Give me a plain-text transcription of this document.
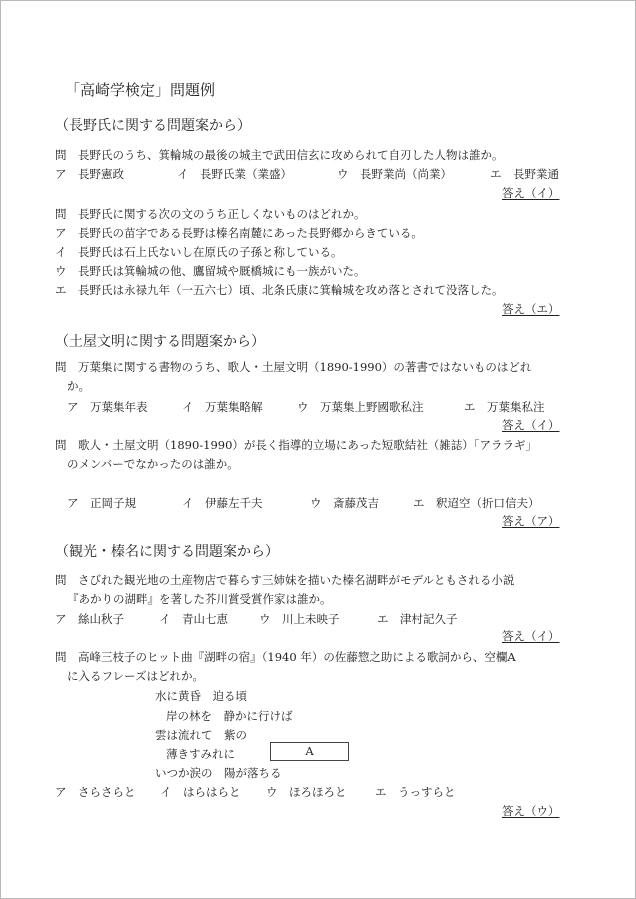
「高崎学検定」問題例
（長野氏に関する問題案から）
問　長野氏のうち、箕輪城の最後の城主で武田信玄に攻められて自刃した人物は誰か。
ア　長野憲政	イ　長野氏業（業盛）	ウ　長野業尚（尚業）	エ　長野業通
答え（イ）
問　長野氏に関する次の文のうち正しくないものはどれか。
ア　長野氏の苗字である長野は榛名南麓にあった長野郷からきている。
イ　長野氏は石上氏ないし在原氏の子孫と称している。
ウ　長野氏は箕輪城の他、鷹留城や厩橋城にも一族がいた。
エ　長野氏は永禄九年（一五六七）頃、北条氏康に箕輪城を攻め落とされて没落した。
答え（エ）
（土屋文明に関する問題案から）
問　万葉集に関する書物のうち、歌人・土屋文明（1890-1990）の著書ではないものはどれ
か。
ア　万葉集年表	イ　万葉集略解	ウ　万葉集上野國歌私注	エ　万葉集私注
答え（イ）
問　歌人・土屋文明（1890-1990）が長く指導的立場にあった短歌結社（雑誌）「アララギ」
のメンバーでなかったのは誰か。
ア　正岡子規	イ　伊藤左千夫	ウ　斎藤茂吉	エ　釈迢空（折口信夫）
答え（ア）
（観光・榛名に関する問題案から）
問　さびれた観光地の土産物店で暮らす三姉妹を描いた榛名湖畔がモデルともされる小説
『あかりの湖畔』を著した芥川賞受賞作家は誰か。
ア　絲山秋子	イ　青山七恵	ウ　川上未映子	エ　津村記久子
答え（イ）
問　高峰三枝子のヒット曲『湖畔の宿』（1940 年）の佐藤惣之助による歌詞から、空欄A
に入るフレーズはどれか。
水に黄昏　迫る頃
岸の林を　静かに行けば
雲は流れて　紫の
薄きすみれに	A
いつか涙の　陽が落ちる
ア　さらさらと イ　はらはらと ウ　ほろほろと エ　うっすらと
答え（ウ）
